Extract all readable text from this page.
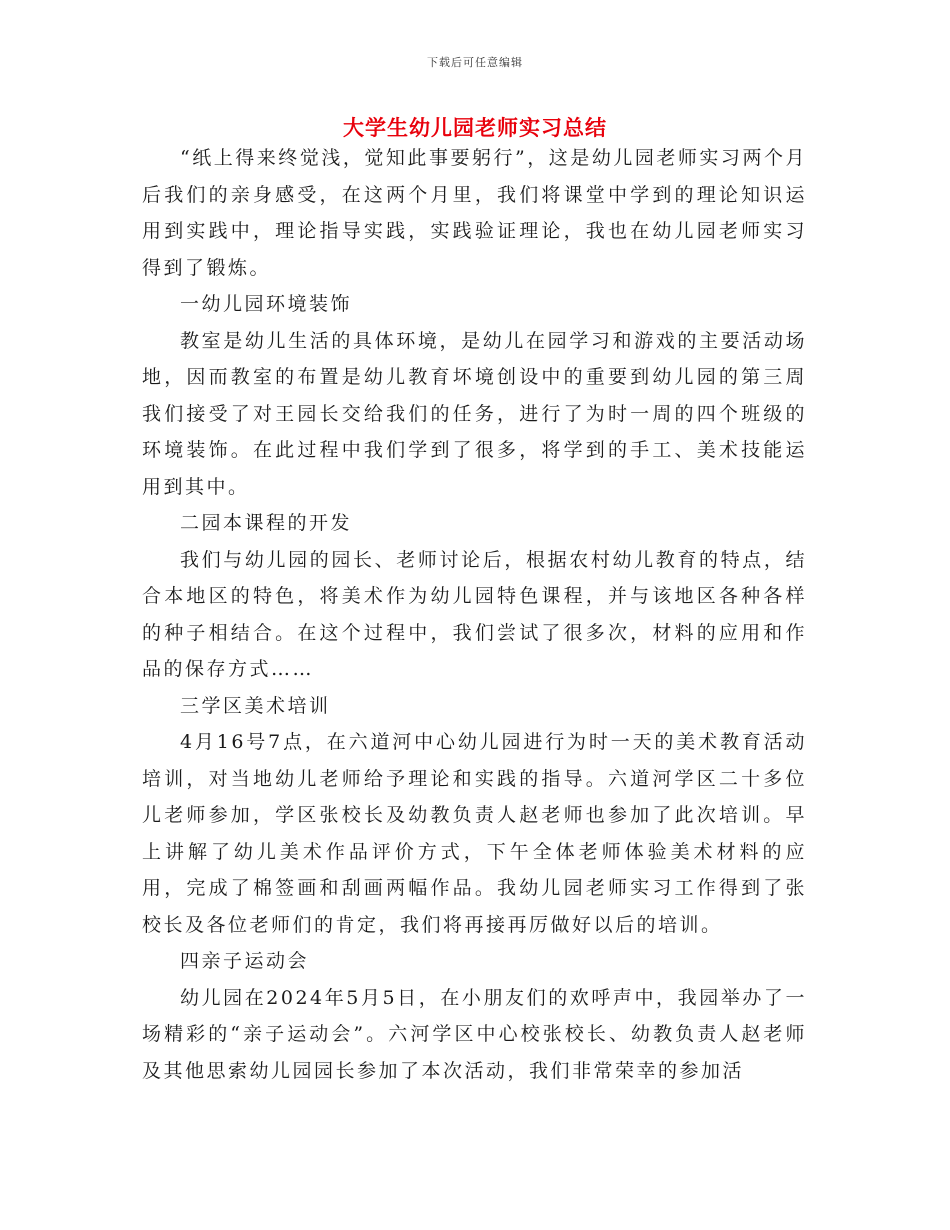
下载后可任意编辑
大学生幼儿园老师实习总结

“纸上得来终觉浅，觉知此事要躬行”，这是幼儿园老师实习两个月后我们的亲身感受，在这两个月里，我们将课堂中学到的理论知识运用到实践中，理论指导实践，实践验证理论，我也在幼儿园老师实习得到了锻炼。

一幼儿园环境装饰

教室是幼儿生活的具体环境，是幼儿在园学习和游戏的主要活动场地，因而教室的布置是幼儿教育坏境创设中的重要到幼儿园的第三周我们接受了对王园长交给我们的任务，进行了为时一周的四个班级的环境装饰。在此过程中我们学到了很多，将学到的手工、美术技能运用到其中。

二园本课程的开发

我们与幼儿园的园长、老师讨论后，根据农村幼儿教育的特点，结合本地区的特色，将美术作为幼儿园特色课程，并与该地区各种各样的种子相结合。在这个过程中，我们尝试了很多次，材料的应用和作品的保存方式……

三学区美术培训

4月16号7点，在六道河中心幼儿园进行为时一天的美术教育活动培训，对当地幼儿老师给予理论和实践的指导。六道河学区二十多位儿老师参加，学区张校长及幼教负责人赵老师也参加了此次培训。早上讲解了幼儿美术作品评价方式，下午全体老师体验美术材料的应用，完成了棉签画和刮画两幅作品。我幼儿园老师实习工作得到了张校长及各位老师们的肯定，我们将再接再厉做好以后的培训。

四亲子运动会

幼儿园在2024年5月5日，在小朋友们的欢呼声中，我园举办了一场精彩的“亲子运动会”。六河学区中心校张校长、幼教负责人赵老师及其他思索幼儿园园长参加了本次活动，我们非常荣幸的参加活
